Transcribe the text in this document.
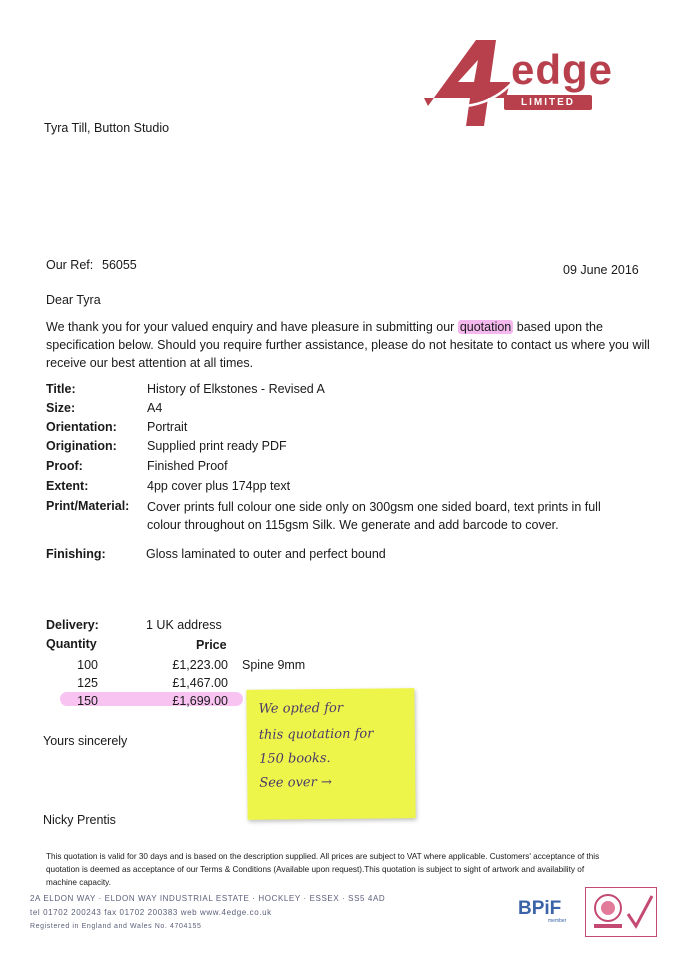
edge
LIMITED
Tyra Till, Button Studio
Our Ref: 56055	09 June 2016
Dear Tyra
We thank you for your valued enquiry and have pleasure in submitting our quotation based upon the specification below. Should you require further assistance, please do not hesitate to contact us where you will receive our best attention at all times.
Title:	History of Elkstones - Revised A
Size:	A4
Orientation: Portrait
Origination: Supplied print ready PDF
Proof:	Finished Proof
Extent:	4pp cover plus 174pp text
Print/Material: Cover prints full colour one side only on 300gsm one sided board, text prints in full colour throughout on 115gsm Silk. We generate and add barcode to cover.
Finishing:	Gloss laminated to outer and perfect bound
Delivery:	1 UK address
Quantity	Price
100	£1,223.00 Spine 9mm
125	£1,467.00
150	£1,699.00 We opted for
this quotation for
150 books.
See over →
Yours sincerely
Nicky Prentis
This quotation is valid for 30 days and is based on the description supplied. All prices are subject to VAT where applicable. Customers' acceptance of this quotation is deemed as acceptance of our Terms & Conditions (Available upon request).This quotation is subject to sight of artwork and availability of machine capacity.
2A ELDON WAY · ELDON WAY INDUSTRIAL ESTATE · HOCKLEY · ESSEX · SS5 4AD
tel 01702 200243 fax 01702 200383 web www.4edge.co.uk
Registered in England and Wales No. 4704155
BPiF
member
